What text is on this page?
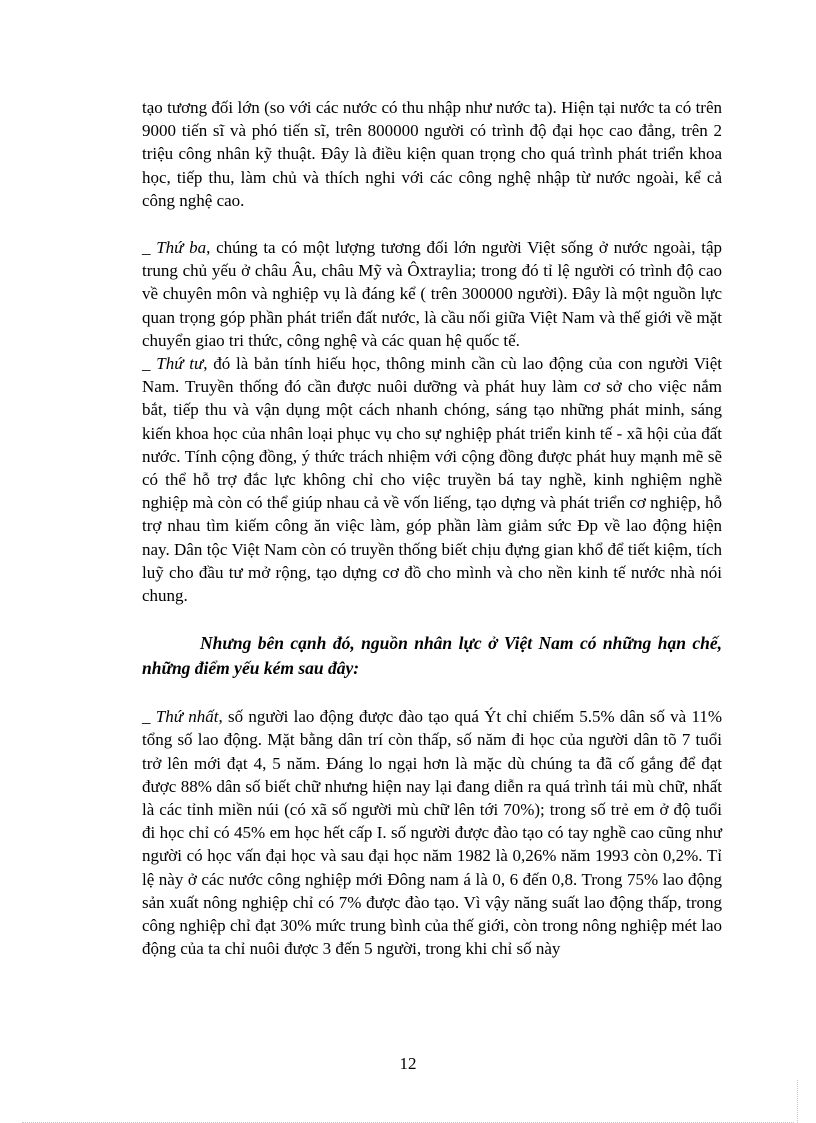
tạo tương đối lớn (so với các nước có thu nhập như nước ta). Hiện tại nước ta có trên 9000 tiến sĩ và phó tiến sĩ, trên 800000 người có trình độ đại học cao đẳng, trên 2 triệu công nhân kỹ thuật. Đây là điều kiện quan trọng cho quá trình phát triển khoa học, tiếp thu, làm chủ và thích nghi với các công nghệ nhập từ nước ngoài, kể cả công nghệ cao.

_ Thứ ba, chúng ta có một lượng tương đối lớn người Việt sống ở nước ngoài, tập trung chủ yếu ở châu Âu, châu Mỹ và Ôxtraylia; trong đó tỉ lệ người có trình độ cao về chuyên môn và nghiệp vụ là đáng kể ( trên 300000 người). Đây là một nguồn lực quan trọng góp phần phát triển đất nước, là cầu nối giữa Việt Nam và thế giới về mặt chuyển giao tri thức, công nghệ và các quan hệ quốc tế.

_ Thứ tư, đó là bản tính hiếu học, thông minh cần cù lao động của con người Việt Nam. Truyền thống đó cần được nuôi dưỡng và phát huy làm cơ sở cho việc nắm bắt, tiếp thu và vận dụng một cách nhanh chóng, sáng tạo những phát minh, sáng kiến khoa học của nhân loại phục vụ cho sự nghiệp phát triển kinh tế - xã hội của đất nước. Tính cộng đồng, ý thức trách nhiệm với cộng đồng được phát huy mạnh mẽ sẽ có thể hỗ trợ đắc lực không chỉ cho việc truyền bá tay nghề, kinh nghiệm nghề nghiệp mà còn có thể giúp nhau cả về vốn liếng, tạo dựng và phát triển cơ nghiệp, hỗ trợ nhau tìm kiếm công ăn việc làm, góp phần làm giảm sức Ðp về lao động hiện nay. Dân tộc Việt Nam còn có truyền thống biết chịu đựng gian khổ để tiết kiệm, tích luỹ cho đầu tư mở rộng, tạo dựng cơ đồ cho mình và cho nền kinh tế nước nhà nói chung.

Nhưng bên cạnh đó, nguồn nhân lực ở Việt Nam có những hạn chế, những điểm yếu kém sau đây:

_ Thứ nhất, số người lao động được đào tạo quá Ýt chỉ chiếm 5.5% dân số và 11% tổng số lao động. Mặt bằng dân trí còn thấp, số năm đi học của người dân tõ 7 tuổi trở lên mới đạt 4, 5 năm. Đáng lo ngại hơn là mặc dù chúng ta đã cố gắng để đạt được 88% dân số biết chữ nhưng hiện nay lại đang diễn ra quá trình tái mù chữ, nhất là các tỉnh miền núi (có xã số người mù chữ lên tới 70%); trong số trẻ em ở độ tuổi đi học chỉ có 45% em học hết cấp I. số người được đào tạo có tay nghề cao cũng như người có học vấn đại học và sau đại học năm 1982 là 0,26% năm 1993 còn 0,2%. Tỉ lệ này ở các nước công nghiệp mới Đông nam á là 0, 6 đến 0,8. Trong 75% lao động sản xuất nông nghiệp chỉ có 7% được đào tạo. Vì vậy năng suất lao động thấp, trong công nghiệp chỉ đạt 30% mức trung bình của thế giới, còn trong nông nghiệp mét lao động của ta chỉ nuôi được 3 đến 5 người, trong khi chỉ số này

12
